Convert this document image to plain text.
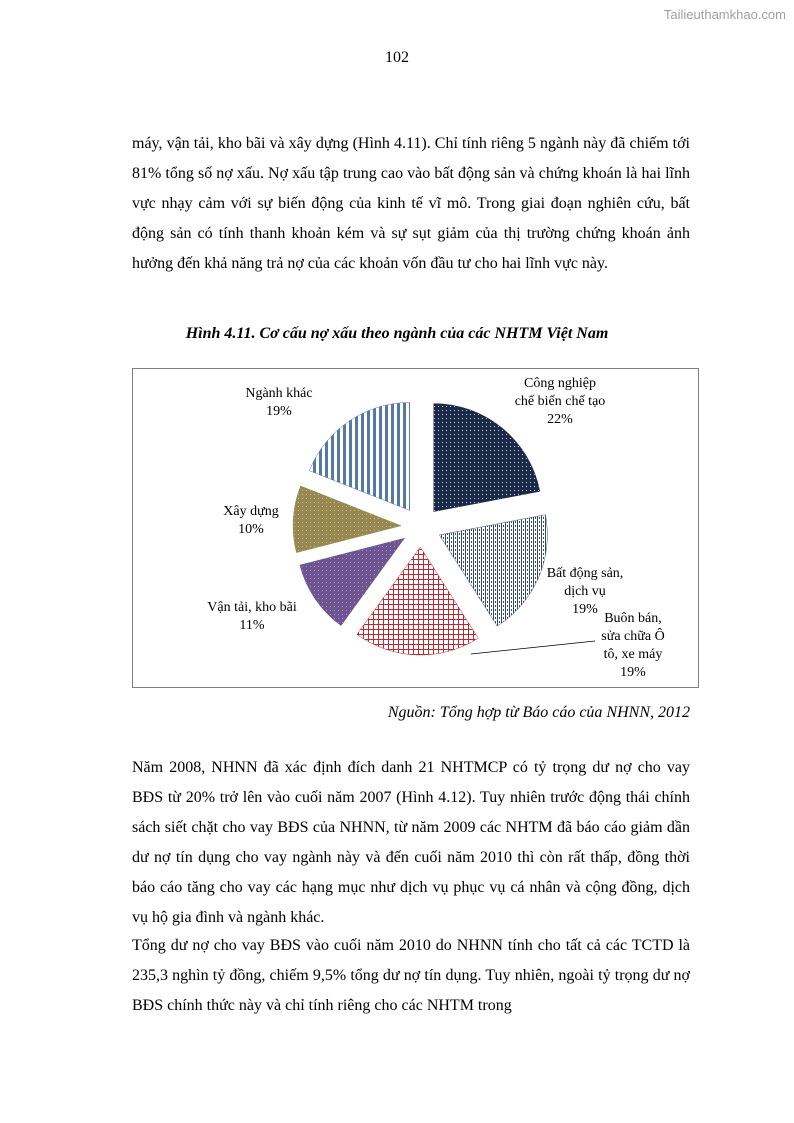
Tailieuthamkhao.com
102

máy, vận tải, kho bãi và xây dựng (Hình 4.11). Chỉ tính riêng 5 ngành này đã chiếm tới 81% tổng số nợ xấu. Nợ xấu tập trung cao vào bất động sản và chứng khoán là hai lĩnh vực nhạy cảm với sự biến động của kinh tế vĩ mô. Trong giai đoạn nghiên cứu, bất động sản có tính thanh khoản kém và sự sụt giảm của thị trường chứng khoán ảnh hưởng đến khả năng trả nợ của các khoản vốn đầu tư cho hai lĩnh vực này.

Hình 4.11. Cơ cấu nợ xấu theo ngành của các NHTM Việt Nam
Công nghiệp chế biến chế tạo 22%
Bất động sản, dịch vụ 19%
Buôn bán, sửa chữa Ô tô, xe máy 19%
Vận tải, kho bãi 11%
Xây dựng 10%
Ngành khác 19%
Nguồn: Tổng hợp từ Báo cáo của NHNN, 2012

Năm 2008, NHNN đã xác định đích danh 21 NHTMCP có tỷ trọng dư nợ cho vay BĐS từ 20% trở lên vào cuối năm 2007 (Hình 4.12). Tuy nhiên trước động thái chính sách siết chặt cho vay BĐS của NHNN, từ năm 2009 các NHTM đã báo cáo giảm dần dư nợ tín dụng cho vay ngành này và đến cuối năm 2010 thì còn rất thấp, đồng thời báo cáo tăng cho vay các hạng mục như dịch vụ phục vụ cá nhân và cộng đồng, dịch vụ hộ gia đình và ngành khác.

Tổng dư nợ cho vay BĐS vào cuối năm 2010 do NHNN tính cho tất cả các TCTD là 235,3 nghìn tỷ đồng, chiếm 9,5% tổng dư nợ tín dụng. Tuy nhiên, ngoài tỷ trọng dư nợ BĐS chính thức này và chỉ tính riêng cho các NHTM trong
